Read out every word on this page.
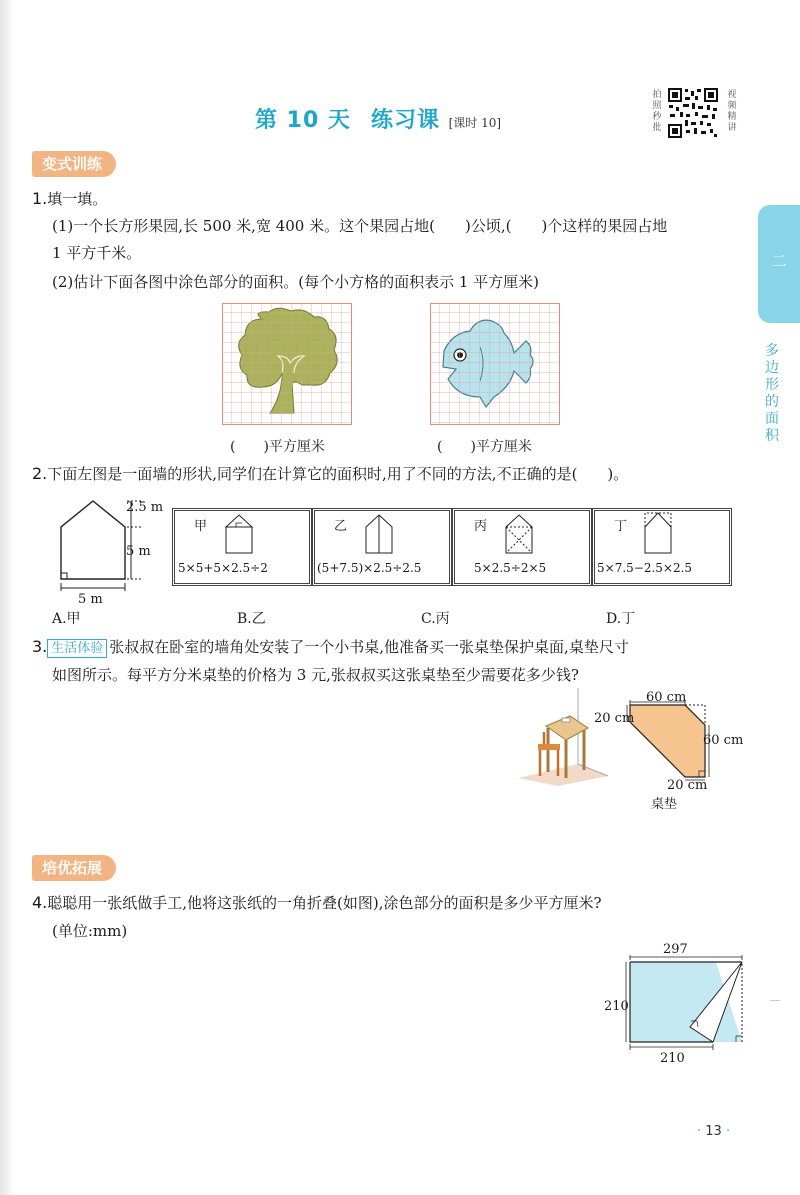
第 10 天 练习课 [课时 10]
拍照秒批
视频精讲
二
多边形的面积
变式训练
1.填一填。
(1)一个长方形果园,长 500 米,宽 400 米。这个果园占地(　　)公顷,(　　)个这样的果园占地
1 平方千米。
(2)估计下面各图中涂色部分的面积。(每个小方格的面积表示 1 平方厘米)
(　　)平方厘米	(　　)平方厘米
2.下面左图是一面墙的形状,同学们在计算它的面积时,用了不同的方法,不正确的是(　　)。
2.5 m
5 m
5 m
甲
5×5+5×2.5÷2
乙
(5+7.5)×2.5÷2.5
丙
5×2.5÷2×5
丁
5×7.5−2.5×2.5
A.甲	B.乙	C.丙	D.丁
3. 生活体验 张叔叔在卧室的墙角处安装了一个小书桌,他准备买一张桌垫保护桌面,桌垫尺寸
如图所示。每平方分米桌垫的价格为 3 元,张叔叔买这张桌垫至少需要花多少钱?
60 cm
20 cm
60 cm
20 cm
桌垫
培优拓展
4.聪聪用一张纸做手工,他将这张纸的一角折叠(如图),涂色部分的面积是多少平方厘米?
(单位:mm)
297
210
210
· 13 ·
